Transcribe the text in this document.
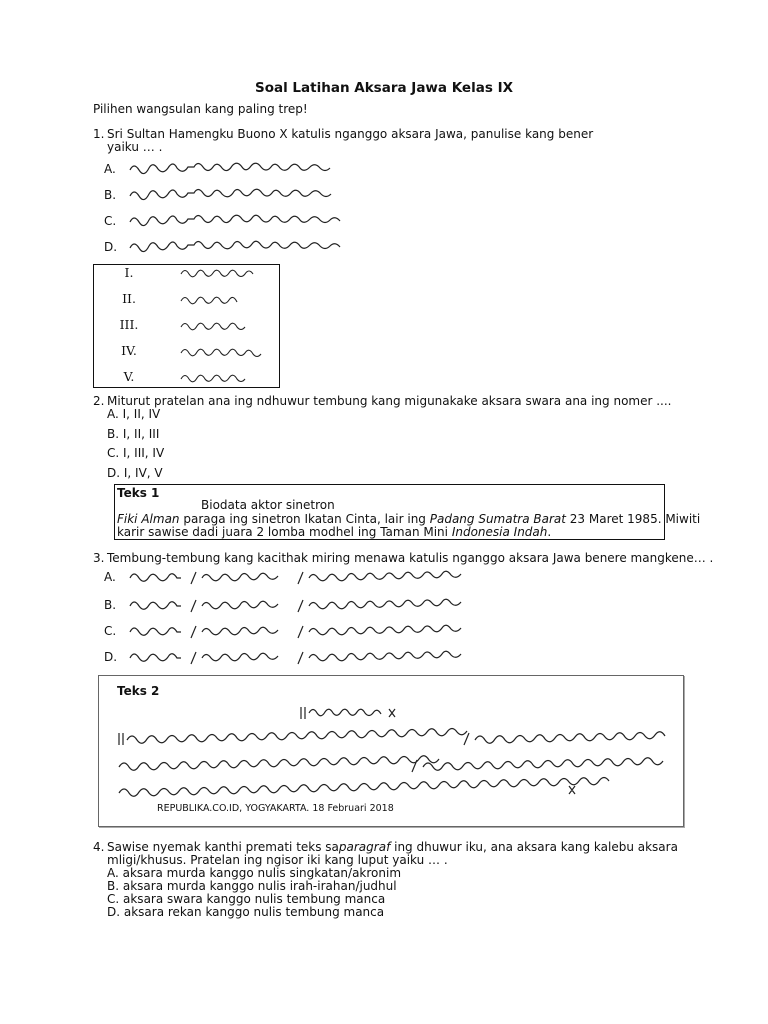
Soal Latihan Aksara Jawa Kelas IX
Pilihen wangsulan kang paling trep!
1. Sri Sultan Hamengku Buono X katulis nganggo aksara Jawa, panulise kang bener
yaiku … .
A.
B.
C.
D.
I.
II.
III.
IV.
V.
2. Miturut pratelan ana ing ndhuwur tembung kang migunakake aksara swara ana ing nomer ....
A. I, II, IV
B. I, II, III
C. I, III, IV
D. I, IV, V
Teks 1
Biodata aktor sinetron
Fiki Alman paraga ing sinetron Ikatan Cinta, lair ing Padang Sumatra Barat 23 Maret 1985. Miwiti
karir sawise dadi juara 2 lomba modhel ing Taman Mini Indonesia Indah.
3. Tembung-tembung kang kacithak miring menawa katulis nganggo aksara Jawa benere mangkene… .
A.
B.
C.
D.
Teks 2
REPUBLIKA.CO.ID, YOGYAKARTA. 18 Februari 2018
4. Sawise nyemak kanthi premati teks saparagraf ing dhuwur iku, ana aksara kang kalebu aksara
mligi/khusus. Pratelan ing ngisor iki kang luput yaiku … .
A. aksara murda kanggo nulis singkatan/akronim
B. aksara murda kanggo nulis irah-irahan/judhul
C. aksara swara kanggo nulis tembung manca
D. aksara rekan kanggo nulis tembung manca
